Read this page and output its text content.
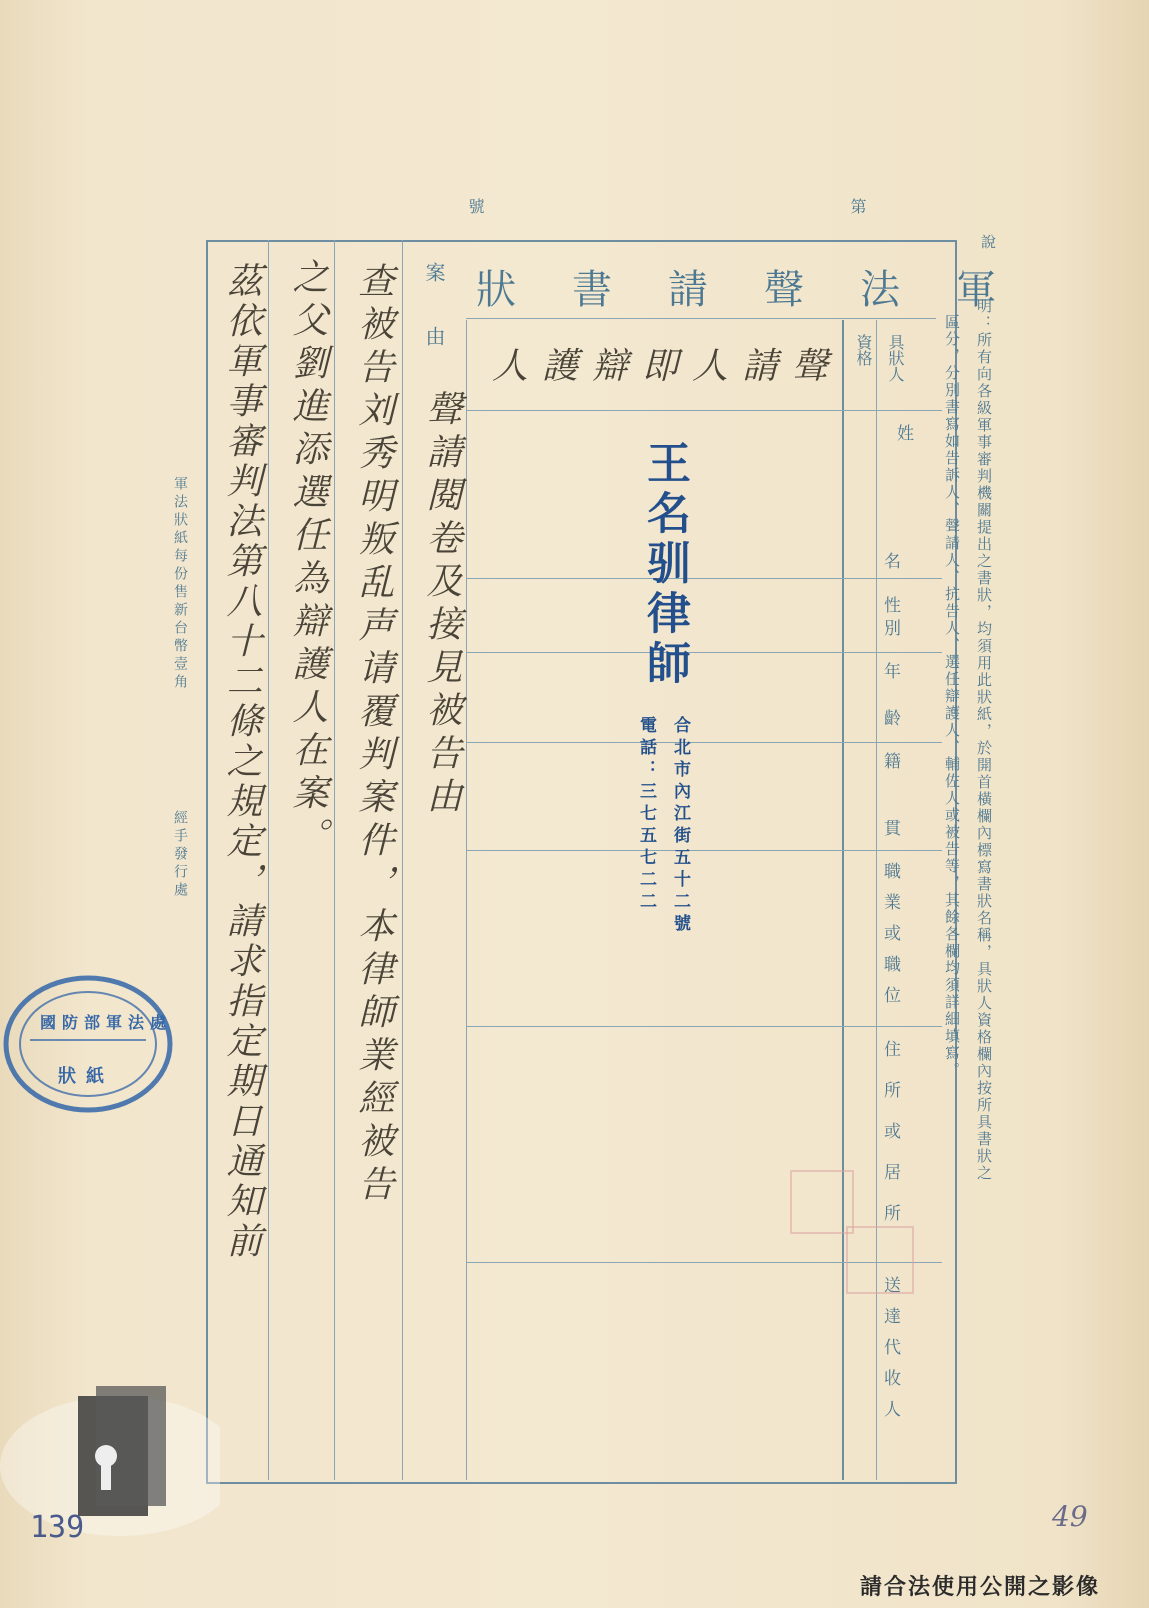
第
號
軍法聲請書狀
具狀人
資格
姓
名
性別
年齡
籍貫
職業或職位
住所或居所
送達代收人
聲請人即辯護人
王名驯律師
合北市內江街五十二號
電話：三七五七二二
案由
聲請閱卷及接見被告由
查被告刘秀明叛乱声请覆判案件，本律師業經被告
之父劉進添選任為辯護人在案。
茲依軍事審判法第八十二條之規定，請求指定期日通知前
說
明：所有向各級軍事審判機關提出之書狀，均須用此狀紙，於開首橫欄內標寫書狀名稱，具狀人資格欄內按所具書狀之
區分，分別書寫如告訴人、聲請人、抗告人、選任辯護人、輔佐人或被告等，其餘各欄均須詳細填寫。
軍法狀紙每份售新台幣壹角
經手發行處
國防部軍法處
狀紙
139	49
請合法使用公開之影像
